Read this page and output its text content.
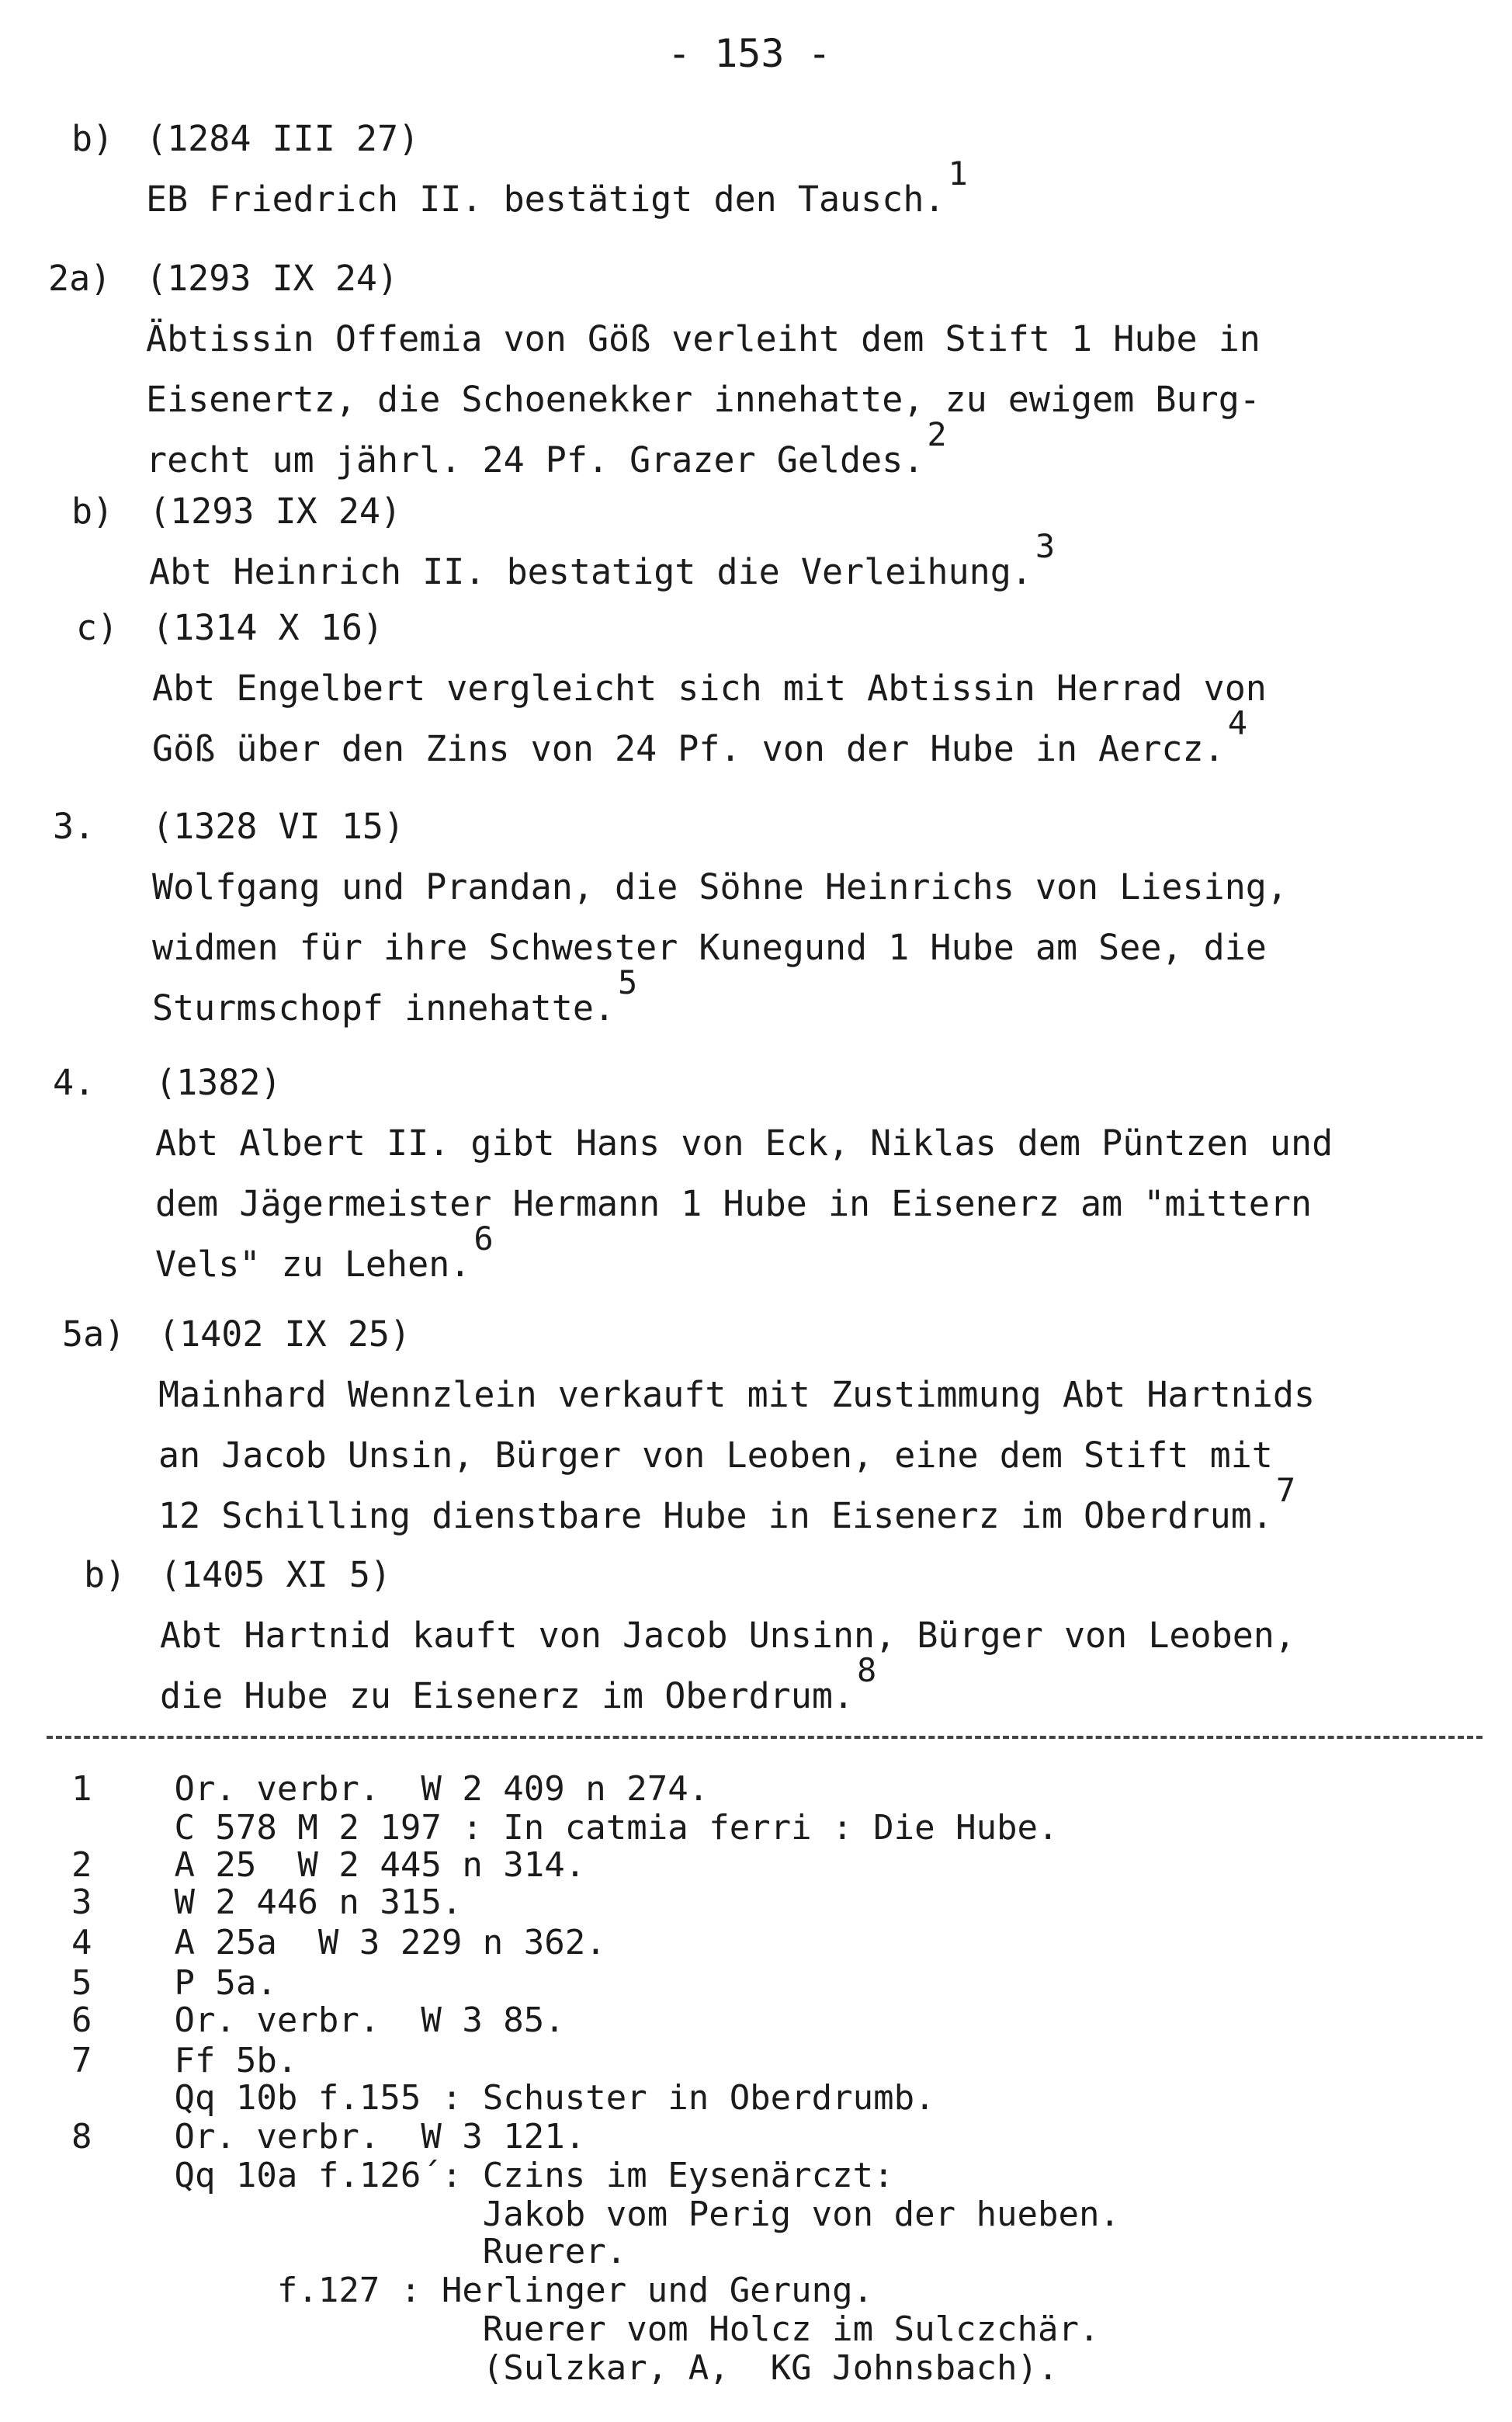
- 153 -
b) (1284 III 27)
EB Friedrich II. bestätigt den Tausch.$^1$
2a) (1293 IX 24)
Äbtissin Offemia von Göß verleiht dem Stift 1 Hube in
Eisenertz, die Schoenekker innehatte, zu ewigem Burg-
recht um jährl. 24 Pf. Grazer Geldes.$^2$
b) (1293 IX 24)
Abt Heinrich II. bestatigt die Verleihung.$^3$
c) (1314 X 16)
Abt Engelbert vergleicht sich mit Abtissin Herrad von
Göß über den Zins von 24 Pf. von der Hube in Aercz.$^4$
3. (1328 VI 15)
Wolfgang und Prandan, die Söhne Heinrichs von Liesing,
widmen für ihre Schwester Kunegund 1 Hube am See, die
Sturmschopf innehatte.$^5$
4. (1382)
Abt Albert II. gibt Hans von Eck, Niklas dem Püntzen und
dem Jägermeister Hermann 1 Hube in Eisenerz am "mittern
Vels" zu Lehen.$^6$
5a) (1402 IX 25)
Mainhard Wennzlein verkauft mit Zustimmung Abt Hartnids
an Jacob Unsin, Bürger von Leoben, eine dem Stift mit
12 Schilling dienstbare Hube in Eisenerz im Oberdrum.$^7$
b) (1405 XI 5)
Abt Hartnid kauft von Jacob Unsinn, Bürger von Leoben,
die Hube zu Eisenerz im Oberdrum.$^8$
1    Or. verbr.  W 2 409 n 274.
C 578 M 2 197 : In catmia ferri : Die Hube.
2    A 25  W 2 445 n 314.
3    W 2 446 n 315.
4    A 25a  W 3 229 n 362.
5    P 5a.
6    Or. verbr.  W 3 85.
7    Ff 5b.
Qq 10b f.155 : Schuster in Oberdrumb.
8    Or. verbr.  W 3 121.
Qq 10a f.126´: Czins im Eysenärczt:
Jakob vom Perig von der hueben.
Ruerer.
f.127 : Herlinger und Gerung.
Ruerer vom Holcz im Sulczchär.
(Sulzkar, A,  KG Johnsbach).
